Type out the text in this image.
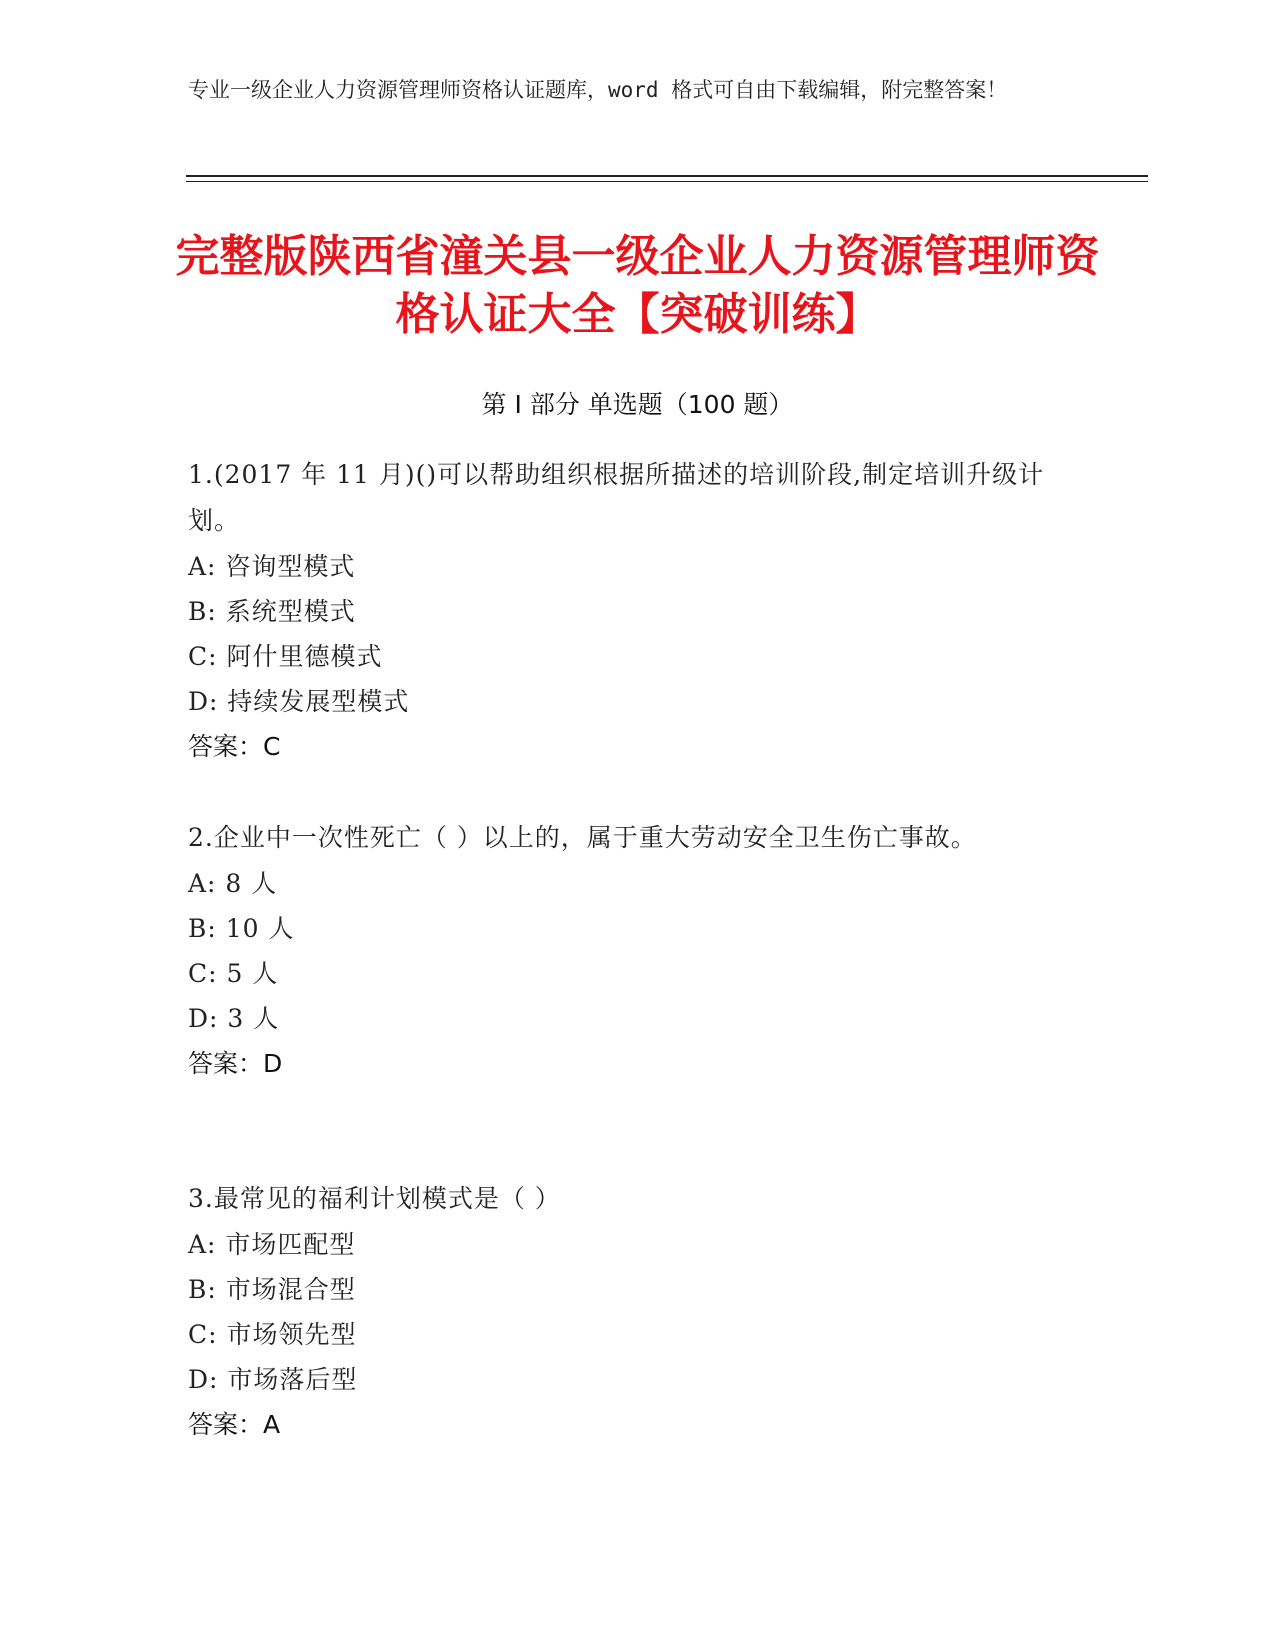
专业一级企业人力资源管理师资格认证题库，word 格式可自由下载编辑，附完整答案！
完整版陕西省潼关县一级企业人力资源管理师资格认证大全【突破训练】
第 I 部分 单选题（100 题）
1.(2017 年 11 月)()可以帮助组织根据所描述的培训阶段,制定培训升级计划。
A: 咨询型模式
B: 系统型模式
C: 阿什里德模式
D: 持续发展型模式
答案：C
2.企业中一次性死亡（ ）以上的，属于重大劳动安全卫生伤亡事故。
A: 8 人
B: 10 人
C: 5 人
D: 3 人
答案：D
3.最常见的福利计划模式是（ ）
A: 市场匹配型
B: 市场混合型
C: 市场领先型
D: 市场落后型
答案：A
